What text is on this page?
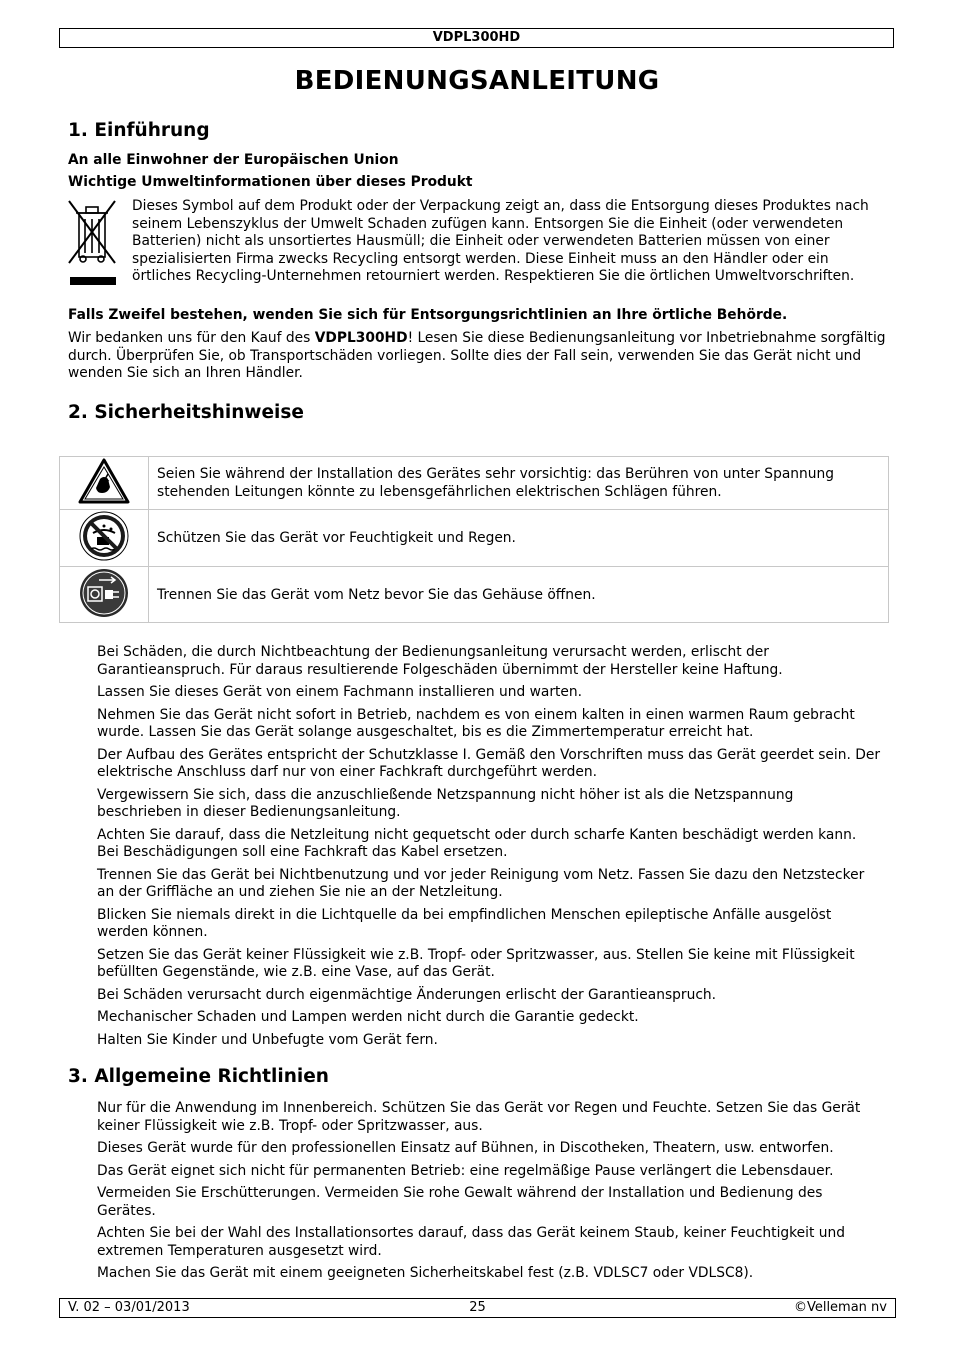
VDPL300HD
BEDIENUNGSANLEITUNG
1. Einführung

An alle Einwohner der Europäischen Union

Wichtige Umweltinformationen über dieses Produkt

Dieses Symbol auf dem Produkt oder der Verpackung zeigt an, dass die Entsorgung dieses Produktes nach seinem Lebenszyklus der Umwelt Schaden zufügen kann. Entsorgen Sie die Einheit (oder verwendeten Batterien) nicht als unsortiertes Hausmüll; die Einheit oder verwendeten Batterien müssen von einer spezialisierten Firma zwecks Recycling entsorgt werden. Diese Einheit muss an den Händler oder ein örtliches Recycling-Unternehmen retourniert werden. Respektieren Sie die örtlichen Umweltvorschriften.

Falls Zweifel bestehen, wenden Sie sich für Entsorgungsrichtlinien an Ihre örtliche Behörde.

Wir bedanken uns für den Kauf des VDPL300HD! Lesen Sie diese Bedienungsanleitung vor Inbetriebnahme sorgfältig durch. Überprüfen Sie, ob Transportschäden vorliegen. Sollte dies der Fall sein, verwenden Sie das Gerät nicht und wenden Sie sich an Ihren Händler.

2. Sicherheitshinweise
	Seien Sie während der Installation des Gerätes sehr vorsichtig: das Berühren von unter Spannung stehenden Leitungen könnte zu lebensgefährlichen elektrischen Schlägen führen.
	Schützen Sie das Gerät vor Feuchtigkeit und Regen.
	Trennen Sie das Gerät vom Netz bevor Sie das Gehäuse öffnen.
Bei Schäden, die durch Nichtbeachtung der Bedienungsanleitung verursacht werden, erlischt der Garantieanspruch. Für daraus resultierende Folgeschäden übernimmt der Hersteller keine Haftung.
Lassen Sie dieses Gerät von einem Fachmann installieren und warten.
Nehmen Sie das Gerät nicht sofort in Betrieb, nachdem es von einem kalten in einen warmen Raum gebracht wurde. Lassen Sie das Gerät solange ausgeschaltet, bis es die Zimmertemperatur erreicht hat.
Der Aufbau des Gerätes entspricht der Schutzklasse I. Gemäß den Vorschriften muss das Gerät geerdet sein. Der elektrische Anschluss darf nur von einer Fachkraft durchgeführt werden.
Vergewissern Sie sich, dass die anzuschließende Netzspannung nicht höher ist als die Netzspannung beschrieben in dieser Bedienungsanleitung.
Achten Sie darauf, dass die Netzleitung nicht gequetscht oder durch scharfe Kanten beschädigt werden kann. Bei Beschädigungen soll eine Fachkraft das Kabel ersetzen.
Trennen Sie das Gerät bei Nichtbenutzung und vor jeder Reinigung vom Netz. Fassen Sie dazu den Netzstecker an der Griffläche an und ziehen Sie nie an der Netzleitung.
Blicken Sie niemals direkt in die Lichtquelle da bei empfindlichen Menschen epileptische Anfälle ausgelöst werden können.
Setzen Sie das Gerät keiner Flüssigkeit wie z.B. Tropf- oder Spritzwasser, aus. Stellen Sie keine mit Flüssigkeit befüllten Gegenstände, wie z.B. eine Vase, auf das Gerät.
Bei Schäden verursacht durch eigenmächtige Änderungen erlischt der Garantieanspruch.
Mechanischer Schaden und Lampen werden nicht durch die Garantie gedeckt.
Halten Sie Kinder und Unbefugte vom Gerät fern.
3. Allgemeine Richtlinien
Nur für die Anwendung im Innenbereich. Schützen Sie das Gerät vor Regen und Feuchte. Setzen Sie das Gerät keiner Flüssigkeit wie z.B. Tropf- oder Spritzwasser, aus.
Dieses Gerät wurde für den professionellen Einsatz auf Bühnen, in Discotheken, Theatern, usw. entworfen.
Das Gerät eignet sich nicht für permanenten Betrieb: eine regelmäßige Pause verlängert die Lebensdauer.
Vermeiden Sie Erschütterungen. Vermeiden Sie rohe Gewalt während der Installation und Bedienung des Gerätes.
Achten Sie bei der Wahl des Installationsortes darauf, dass das Gerät keinem Staub, keiner Feuchtigkeit und extremen Temperaturen ausgesetzt wird.
Machen Sie das Gerät mit einem geeigneten Sicherheitskabel fest (z.B. VDLSC7 oder VDLSC8).
V. 02 – 03/01/2013	25	©Velleman nv
